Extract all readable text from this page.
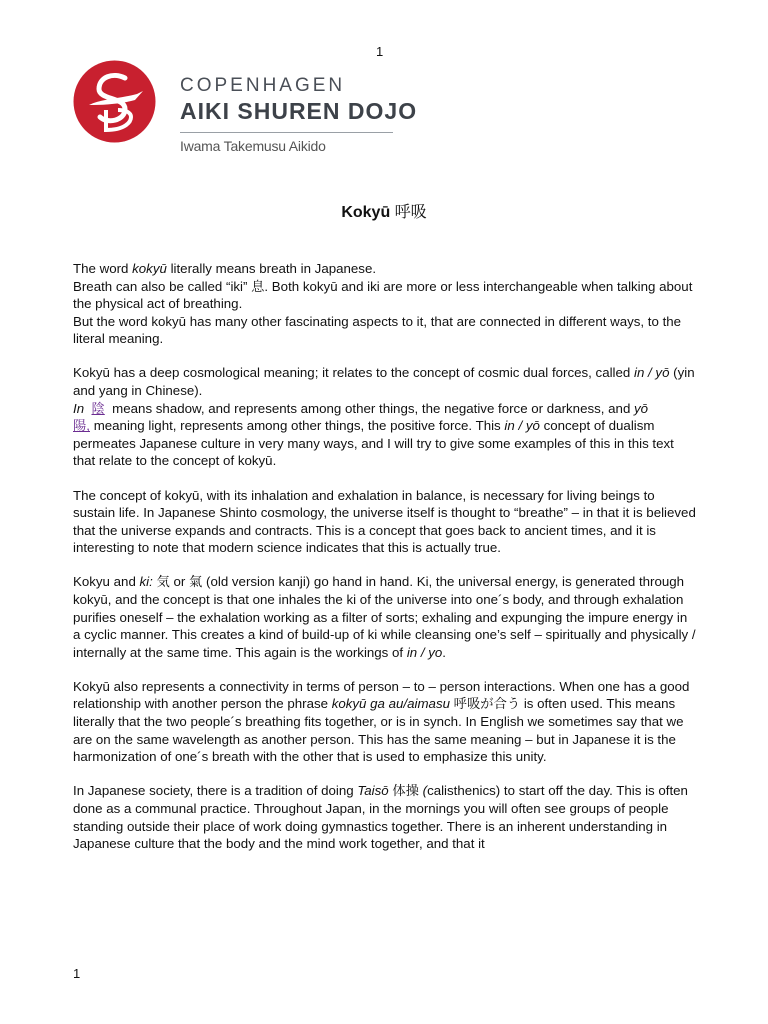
1
COPENHAGEN
AIKI SHUREN DOJO
Iwama Takemusu Aikido
Kokyū 呼吸

The word kokyū literally means breath in Japanese.
Breath can also be called “iki” 息. Both kokyū and iki are more or less interchangeable when talking about the physical act of breathing.
But the word kokyū has many other fascinating aspects to it, that are connected in different ways, to the literal meaning.

Kokyū has a deep cosmological meaning; it relates to the concept of cosmic dual forces, called in / yō (yin and yang in Chinese).
In 陰  means shadow, and represents among other things, the negative force or darkness, and yō
陽, meaning light, represents among other things, the positive force. This in / yō concept of dualism permeates Japanese culture in very many ways, and I will try to give some examples of this in this text that relate to the concept of kokyū.

The concept of kokyū, with its inhalation and exhalation in balance, is necessary for living beings to sustain life. In Japanese Shinto cosmology, the universe itself is thought to “breathe” – in that it is believed that the universe expands and contracts. This is a concept that goes back to ancient times, and it is interesting to note that modern science indicates that this is actually true.

Kokyu and ki: 気 or 氣 (old version kanji) go hand in hand. Ki, the universal energy, is generated through kokyū, and the concept is that one inhales the ki of the universe into one´s body, and through exhalation purifies oneself – the exhalation working as a filter of sorts; exhaling and expunging the impure energy in a cyclic manner. This creates a kind of build-up of ki while cleansing one’s self – spiritually and physically / internally at the same time. This again is the workings of in / yo.

Kokyū also represents a connectivity in terms of person – to – person interactions. When one has a good relationship with another person the phrase kokyū ga au/aimasu 呼吸が合う is often used. This means literally that the two people´s breathing fits together, or is in synch. In English we sometimes say that we are on the same wavelength as another person. This has the same meaning – but in Japanese it is the harmonization of one´s breath with the other that is used to emphasize this unity.

In Japanese society, there is a tradition of doing Taisō 体操 (calisthenics) to start off the day. This is often done as a communal practice. Throughout Japan, in the mornings you will often see groups of people standing outside their place of work doing gymnastics together. There is an inherent understanding in Japanese culture that the body and the mind work together, and that it

1
